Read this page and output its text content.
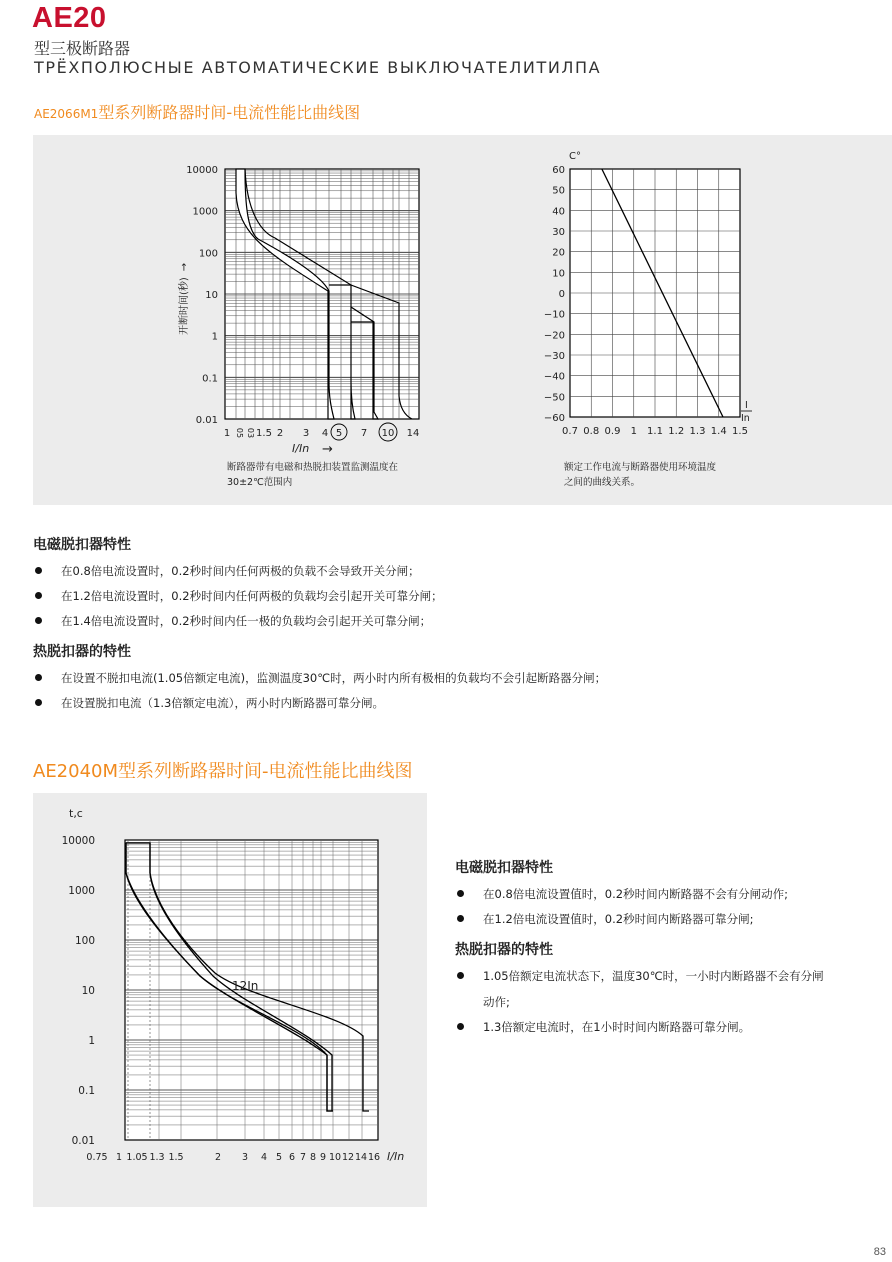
AE20
型三极断路器
ТРЁХПОЛЮСНЫЕ АВТОМАТИЧЕСКИЕ ВЫКЛЮЧАТЕЛИТИЛПА
AE2066M1型系列断路器时间-电流性能比曲线图
10000
1000
100
10
1
0.1
0.01
1	1.5 2 3 4 5 7 10 14
05 03
开断时间(秒)→
I/In →
60
50
40
30
20
10
0
−10
−20
−30
−40
−50
−60
0.7 0.8 0.9 1 1.1 1.2 1.3 1.4 1.5
C°
I
In
断路器带有电磁和热脱扣装置监测温度在
30±2℃范围内
额定工作电流与断路器使用环境温度
之间的曲线关系。
电磁脱扣器特性
在0.8倍电流设置时，0.2秒时间内任何两极的负载不会导致开关分闸；
在1.2倍电流设置时，0.2秒时间内任何两极的负载均会引起开关可靠分闸；
在1.4倍电流设置时，0.2秒时间内任一极的负载均会引起开关可靠分闸；
热脱扣器的特性
在设置不脱扣电流(1.05倍额定电流)，监测温度30℃时，两小时内所有极相的负载均不会引起断路器分闸；
在设置脱扣电流（1.3倍额定电流），两小时内断路器可靠分闸。
AE2040M型系列断路器时间-电流性能比曲线图
10000
1000
100
10
1
0.1
0.01
0.75 1 1.05 1.3 1.5	2 3 4 5 6 7 8 9 10 12 14 16
t,c
I/In
12In
电磁脱扣器特性
在0.8倍电流设置值时，0.2秒时间内断路器不会有分闸动作;
在1.2倍电流设置值时，0.2秒时间内断路器可靠分闸;
热脱扣器的特性
1.05倍额定电流状态下，温度30℃时，一小时内断路器不会有分闸
动作;
1.3倍额定电流时，在1小时时间内断路器可靠分闸。
83
